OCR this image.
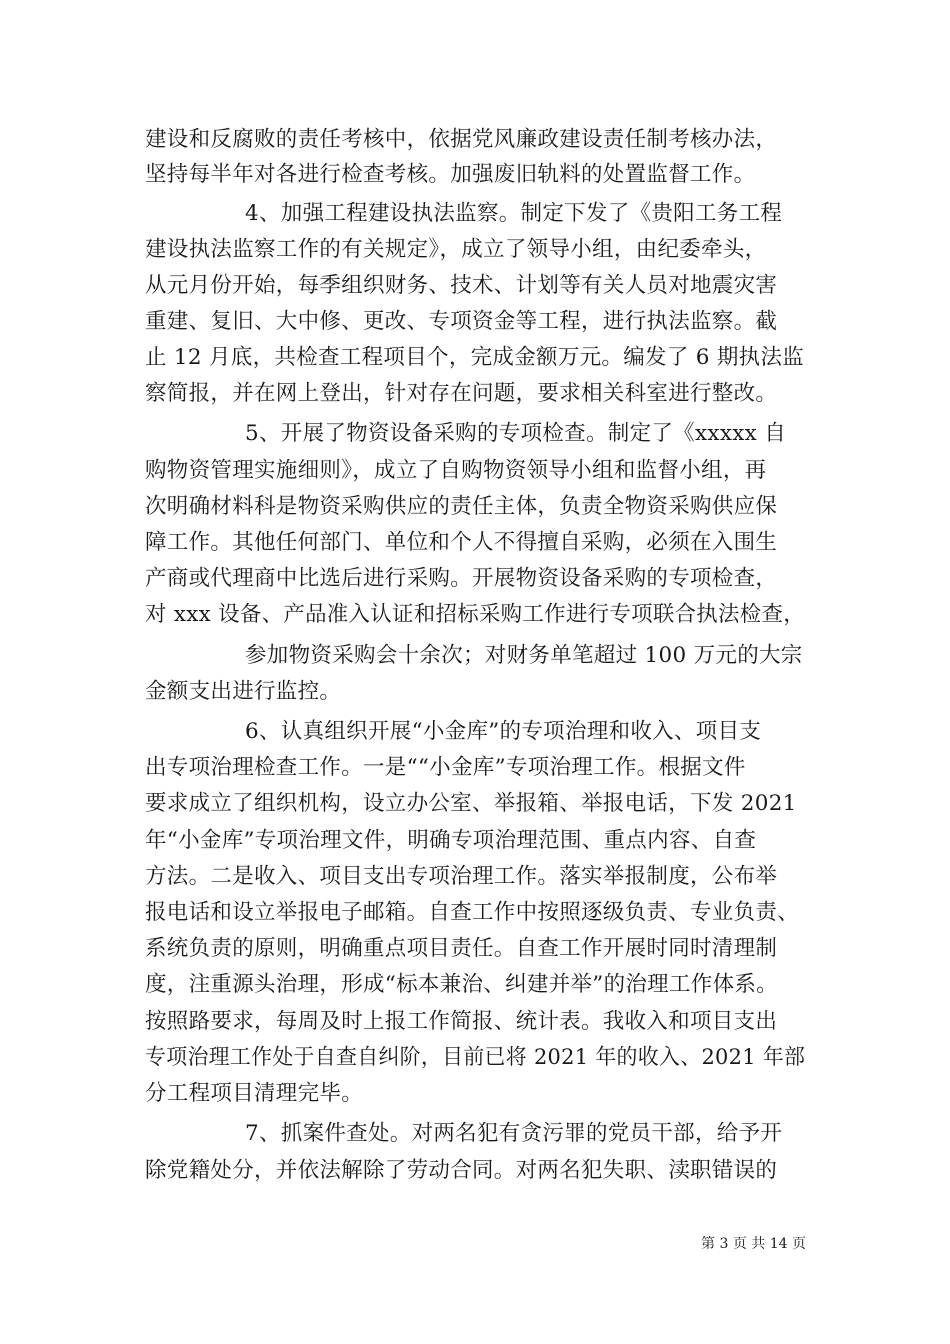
建设和反腐败的责任考核中，依据党风廉政建设责任制考核办法，
坚持每半年对各进行检查考核。加强废旧轨料的处置监督工作。
4、加强工程建设执法监察。制定下发了《贵阳工务工程
建设执法监察工作的有关规定》，成立了领导小组，由纪委牵头，
从元月份开始，每季组织财务、技术、计划等有关人员对地震灾害
重建、复旧、大中修、更改、专项资金等工程，进行执法监察。截
止 12 月底，共检查工程项目个，完成金额万元。编发了 6 期执法监
察简报，并在网上登出，针对存在问题，要求相关科室进行整改。
5、开展了物资设备采购的专项检查。制定了《xxxxx 自
购物资管理实施细则》，成立了自购物资领导小组和监督小组，再
次明确材料科是物资采购供应的责任主体，负责全物资采购供应保
障工作。其他任何部门、单位和个人不得擅自采购，必须在入围生
产商或代理商中比选后进行采购。开展物资设备采购的专项检查，
对 xxx 设备、产品准入认证和招标采购工作进行专项联合执法检查，
参加物资采购会十余次；对财务单笔超过 100 万元的大宗
金额支出进行监控。
6、认真组织开展“小金库”的专项治理和收入、项目支
出专项治理检查工作。一是““小金库”专项治理工作。根据文件
要求成立了组织机构，设立办公室、举报箱、举报电话，下发 2021
年“小金库”专项治理文件，明确专项治理范围、重点内容、自查
方法。二是收入、项目支出专项治理工作。落实举报制度，公布举
报电话和设立举报电子邮箱。自查工作中按照逐级负责、专业负责、
系统负责的原则，明确重点项目责任。自查工作开展时同时清理制
度，注重源头治理，形成“标本兼治、纠建并举”的治理工作体系。
按照路要求，每周及时上报工作简报、统计表。我收入和项目支出
专项治理工作处于自查自纠阶，目前已将 2021 年的收入、2021 年部
分工程项目清理完毕。
7、抓案件查处。对两名犯有贪污罪的党员干部，给予开
除党籍处分，并依法解除了劳动合同。对两名犯失职、渎职错误的
第 3 页 共 14 页
